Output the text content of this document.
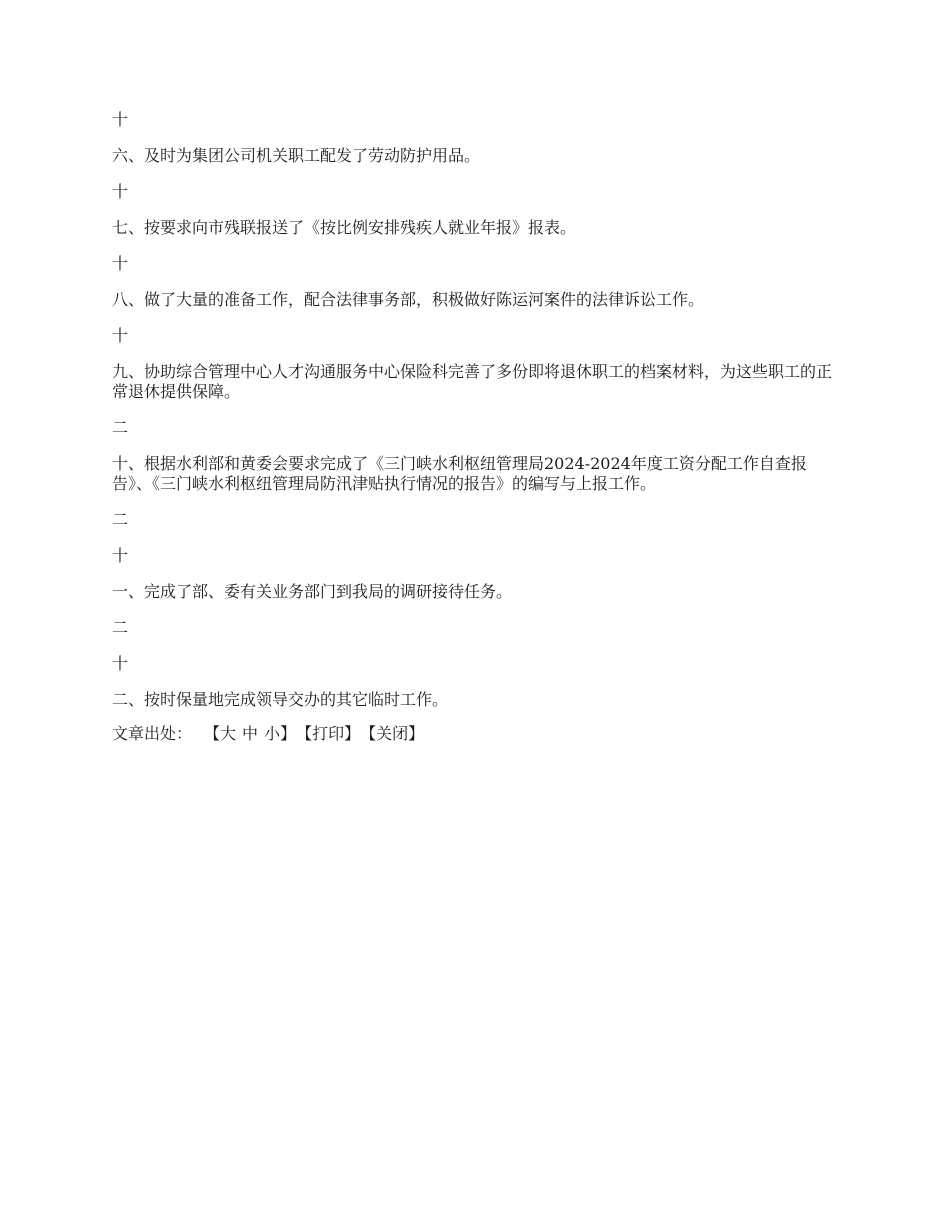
十

六、及时为集团公司机关职工配发了劳动防护用品。

十

七、按要求向市残联报送了《按比例安排残疾人就业年报》报表。

十

八、做了大量的准备工作，配合法律事务部，积极做好陈运河案件的法律诉讼工作。

十

九、协助综合管理中心人才沟通服务中心保险科完善了多份即将退休职工的档案材料，为这些职工的正常退休提供保障。

二

十、根据水利部和黄委会要求完成了《三门峡水利枢纽管理局2024-2024年度工资分配工作自查报告》、《三门峡水利枢纽管理局防汛津贴执行情况的报告》的编写与上报工作。

二

十

一、完成了部、委有关业务部门到我局的调研接待任务。

二

十

二、按时保量地完成领导交办的其它临时工作。

文章出处： 【 大 中 小 】 【打印】 【关闭】
